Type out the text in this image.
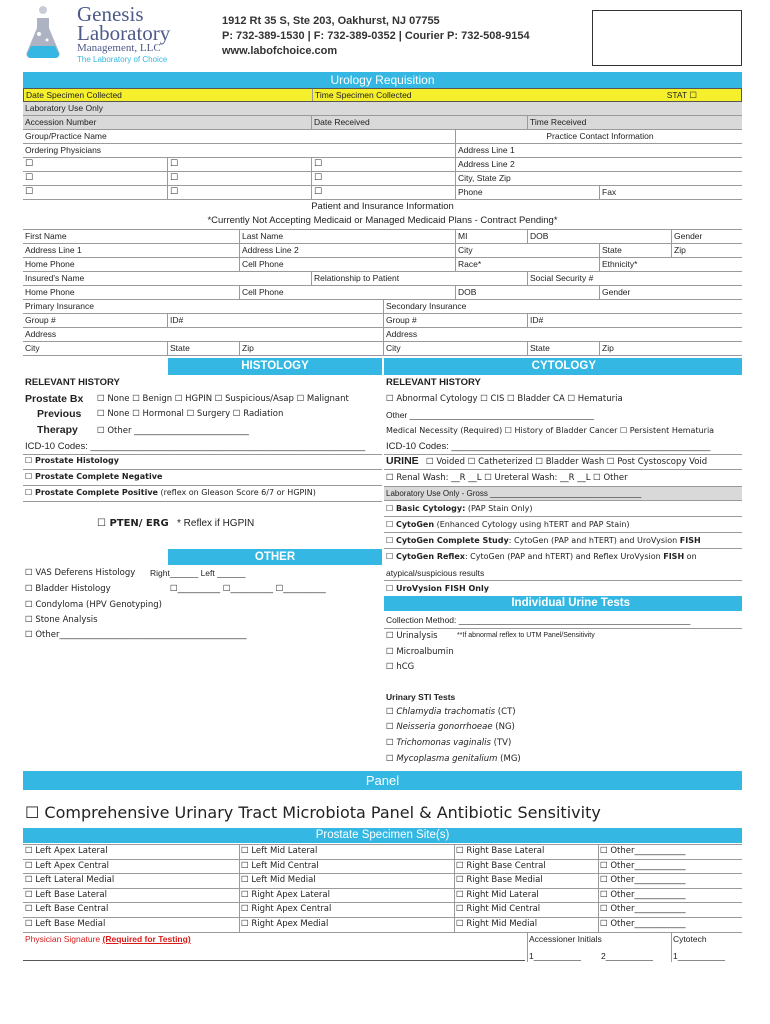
Genesis
Laboratory
Management, LLC
The Laboratory of Choice
1912 Rt 35 S, Ste 203, Oakhurst, NJ 07755
P: 732-389-1530 | F: 732-389-0352 | Courier P: 732-508-9154
www.labofchoice.com
Urology Requisition
Date Specimen Collected	Time Specimen Collected	STAT ☐
Laboratory Use Only
Accession Number	Date Received	Time Received
Group/Practice Name	Practice Contact Information
Ordering Physicians	Address Line 1
☐	☐	☐	Address Line 2
☐	☐	☐	City, State Zip
☐	☐	☐	Phone	Fax
Patient and Insurance Information
*Currently Not Accepting Medicaid or Managed Medicaid Plans - Contract Pending*
First Name	Last Name	MI	DOB	Gender
Address Line 1	Address Line 2	City	State	Zip
Home Phone	Cell Phone	Race*	Ethnicity*
Insured's Name	Relationship to Patient	Social Security #
Home Phone	Cell Phone	DOB	Gender
Primary Insurance	Secondary Insurance
Group #	ID#	Group #	ID#
Address	Address
City	State	Zip	City	State	Zip
HISTOLOGY	CYTOLOGY
RELEVANT HISTORY
Prostate Bx ☐ None ☐ Benign ☐ HGPIN ☐ Suspicious/Asap ☐ Malignant
Previous ☐ None ☐ Hormonal ☐ Surgery ☐ Radiation
Therapy ☐ Other ___________________________
ICD-10 Codes: ____________________________________________________
☐ Prostate Histology
☐ Prostate Complete Negative
☐ Prostate Complete Positive (reflex on Gleason Score 6/7 or HGPIN)
☐ PTEN/ ERG * Reflex if HGPIN
OTHER
☐ VAS Deferens Histology Right______ Left ______
☐ Bladder Histology	☐__________ ☐__________ ☐__________
☐ Condyloma (HPV Genotyping)
☐ Stone Analysis
☐ Other____________________________________________
RELEVANT HISTORY
☐ Abnormal Cytology ☐ CIS ☐ Bladder CA ☐ Hematuria
Other _______________________________________
Medical Necessity (Required) ☐ History of Bladder Cancer ☐ Persistent Hematuria
ICD-10 Codes: _________________________________________________
URINE ☐ Voided ☐ Catheterized ☐ Bladder Wash ☐ Post Cystoscopy Void
☐ Renal Wash: __R __L ☐ Ureteral Wash: __R __L ☐ Other
Laboratory Use Only - Gross __________________________________
☐ Basic Cytology: (PAP Stain Only)
☐ CytoGen (Enhanced Cytology using hTERT and PAP Stain)
☐ CytoGen Complete Study: CytoGen (PAP and hTERT) and UroVysion FISH
☐ CytoGen Reflex: CytoGen (PAP and hTERT) and Reflex UroVysion FISH on
atypical/suspicious results
☐ UroVysion FISH Only
Individual Urine Tests
Collection Method: _________________________________________________
☐ Urinalysis	**If abnormal reflex to UTM Panel/Sensitivity
☐ Microalbumin
☐ hCG
Urinary STI Tests
☐ Chlamydia trachomatis (CT)
☐ Neisseria gonorrhoeae (NG)
☐ Trichomonas vaginalis (TV)
☐ Mycoplasma genitalium (MG)
Panel
☐ Comprehensive Urinary Tract Microbiota Panel & Antibiotic Sensitivity
Prostate Specimen Site(s)
☐ Left Apex Lateral	☐ Left Mid Lateral	☐ Right Base Lateral	☐ Other____________
☐ Left Apex Central	☐ Left Mid Central	☐ Right Base Central	☐ Other____________
☐ Left Lateral Medial	☐ Left Mid Medial	☐ Right Base Medial	☐ Other____________
☐ Left Base Lateral	☐ Right Apex Lateral	☐ Right Mid Lateral	☐ Other____________
☐ Left Base Central	☐ Right Apex Central	☐ Right Mid Central	☐ Other____________
☐ Left Base Medial	☐ Right Apex Medial	☐ Right Mid Medial	☐ Other____________
Physician Signature (Required for Testing)	Accessioner Initials	Cytotech
1__________ 2__________ 1__________
